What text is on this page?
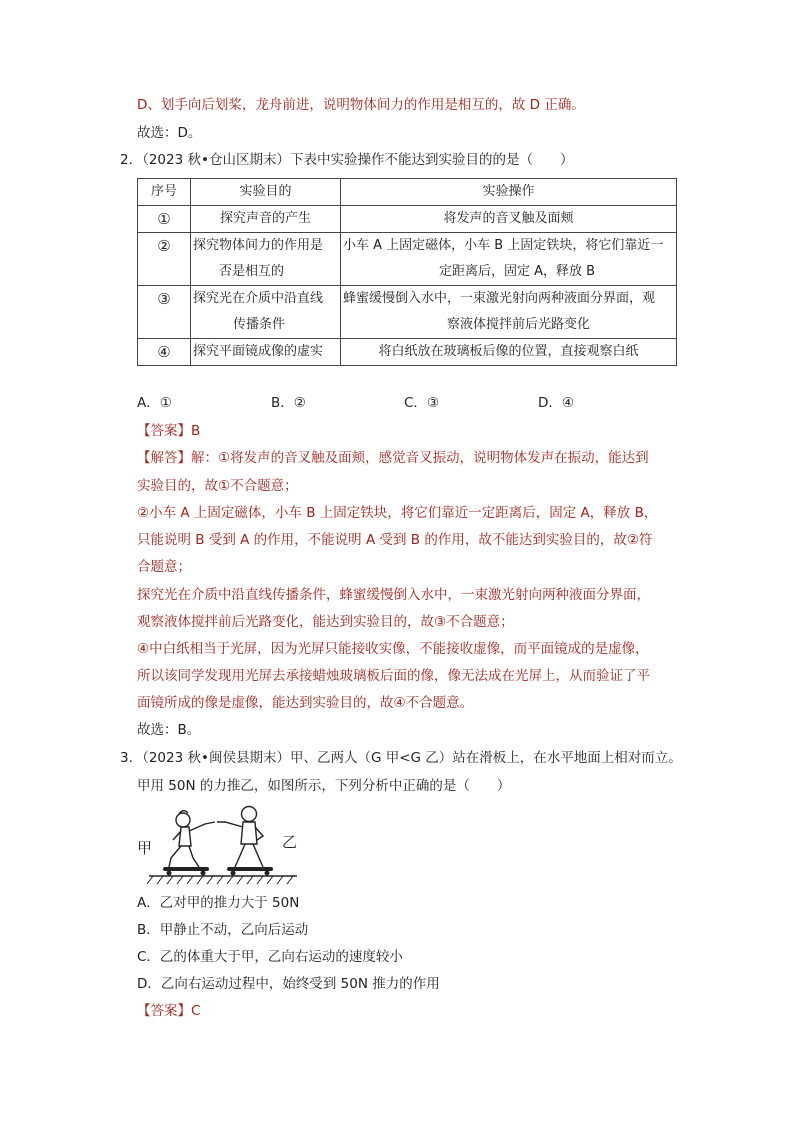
D、划手向后划桨，龙舟前进，说明物体间力的作用是相互的，故 D 正确。
故选：D。
2．（2023 秋•仓山区期末）下表中实验操作不能达到实验目的的是（　　）
序号	实验目的	实验操作
①	探究声音的产生	将发声的音叉触及面颊
②	探究物体间力的作用是
否是相互的	小车 A 上固定磁体，小车 B 上固定铁块，将它们靠近一
定距离后，固定 A，释放 B
③	探究光在介质中沿直线
传播条件	蜂蜜缓慢倒入水中，一束激光射向两种液面分界面，观
察液体搅拌前后光路变化
④	探究平面镜成像的虚实	将白纸放在玻璃板后像的位置，直接观察白纸
A．①	B．②	C．③	D．④
【答案】B
【解答】解：①将发声的音叉触及面颊，感觉音叉振动，说明物体发声在振动，能达到
实验目的，故①不合题意；
②小车 A 上固定磁体，小车 B 上固定铁块，将它们靠近一定距离后，固定 A，释放 B，
只能说明 B 受到 A 的作用，不能说明 A 受到 B 的作用，故不能达到实验目的，故②符
合题意；
探究光在介质中沿直线传播条件，蜂蜜缓慢倒入水中，一束激光射向两种液面分界面，
观察液体搅拌前后光路变化，能达到实验目的，故③不合题意；
④中白纸相当于光屏，因为光屏只能接收实像，不能接收虚像，而平面镜成的是虚像，
所以该同学发现用光屏去承接蜡烛玻璃板后面的像，像无法成在光屏上，从而验证了平
面镜所成的像是虚像，能达到实验目的，故④不合题意。
故选：B。
3．（2023 秋•闽侯县期末）甲、乙两人（G 甲<G 乙）站在滑板上，在水平地面上相对而立。
甲用 50N 的力推乙，如图所示，下列分析中正确的是（　　）
甲	乙
A．乙对甲的推力大于 50N
B．甲静止不动，乙向后运动
C．乙的体重大于甲，乙向右运动的速度较小
D．乙向右运动过程中，始终受到 50N 推力的作用
【答案】C
